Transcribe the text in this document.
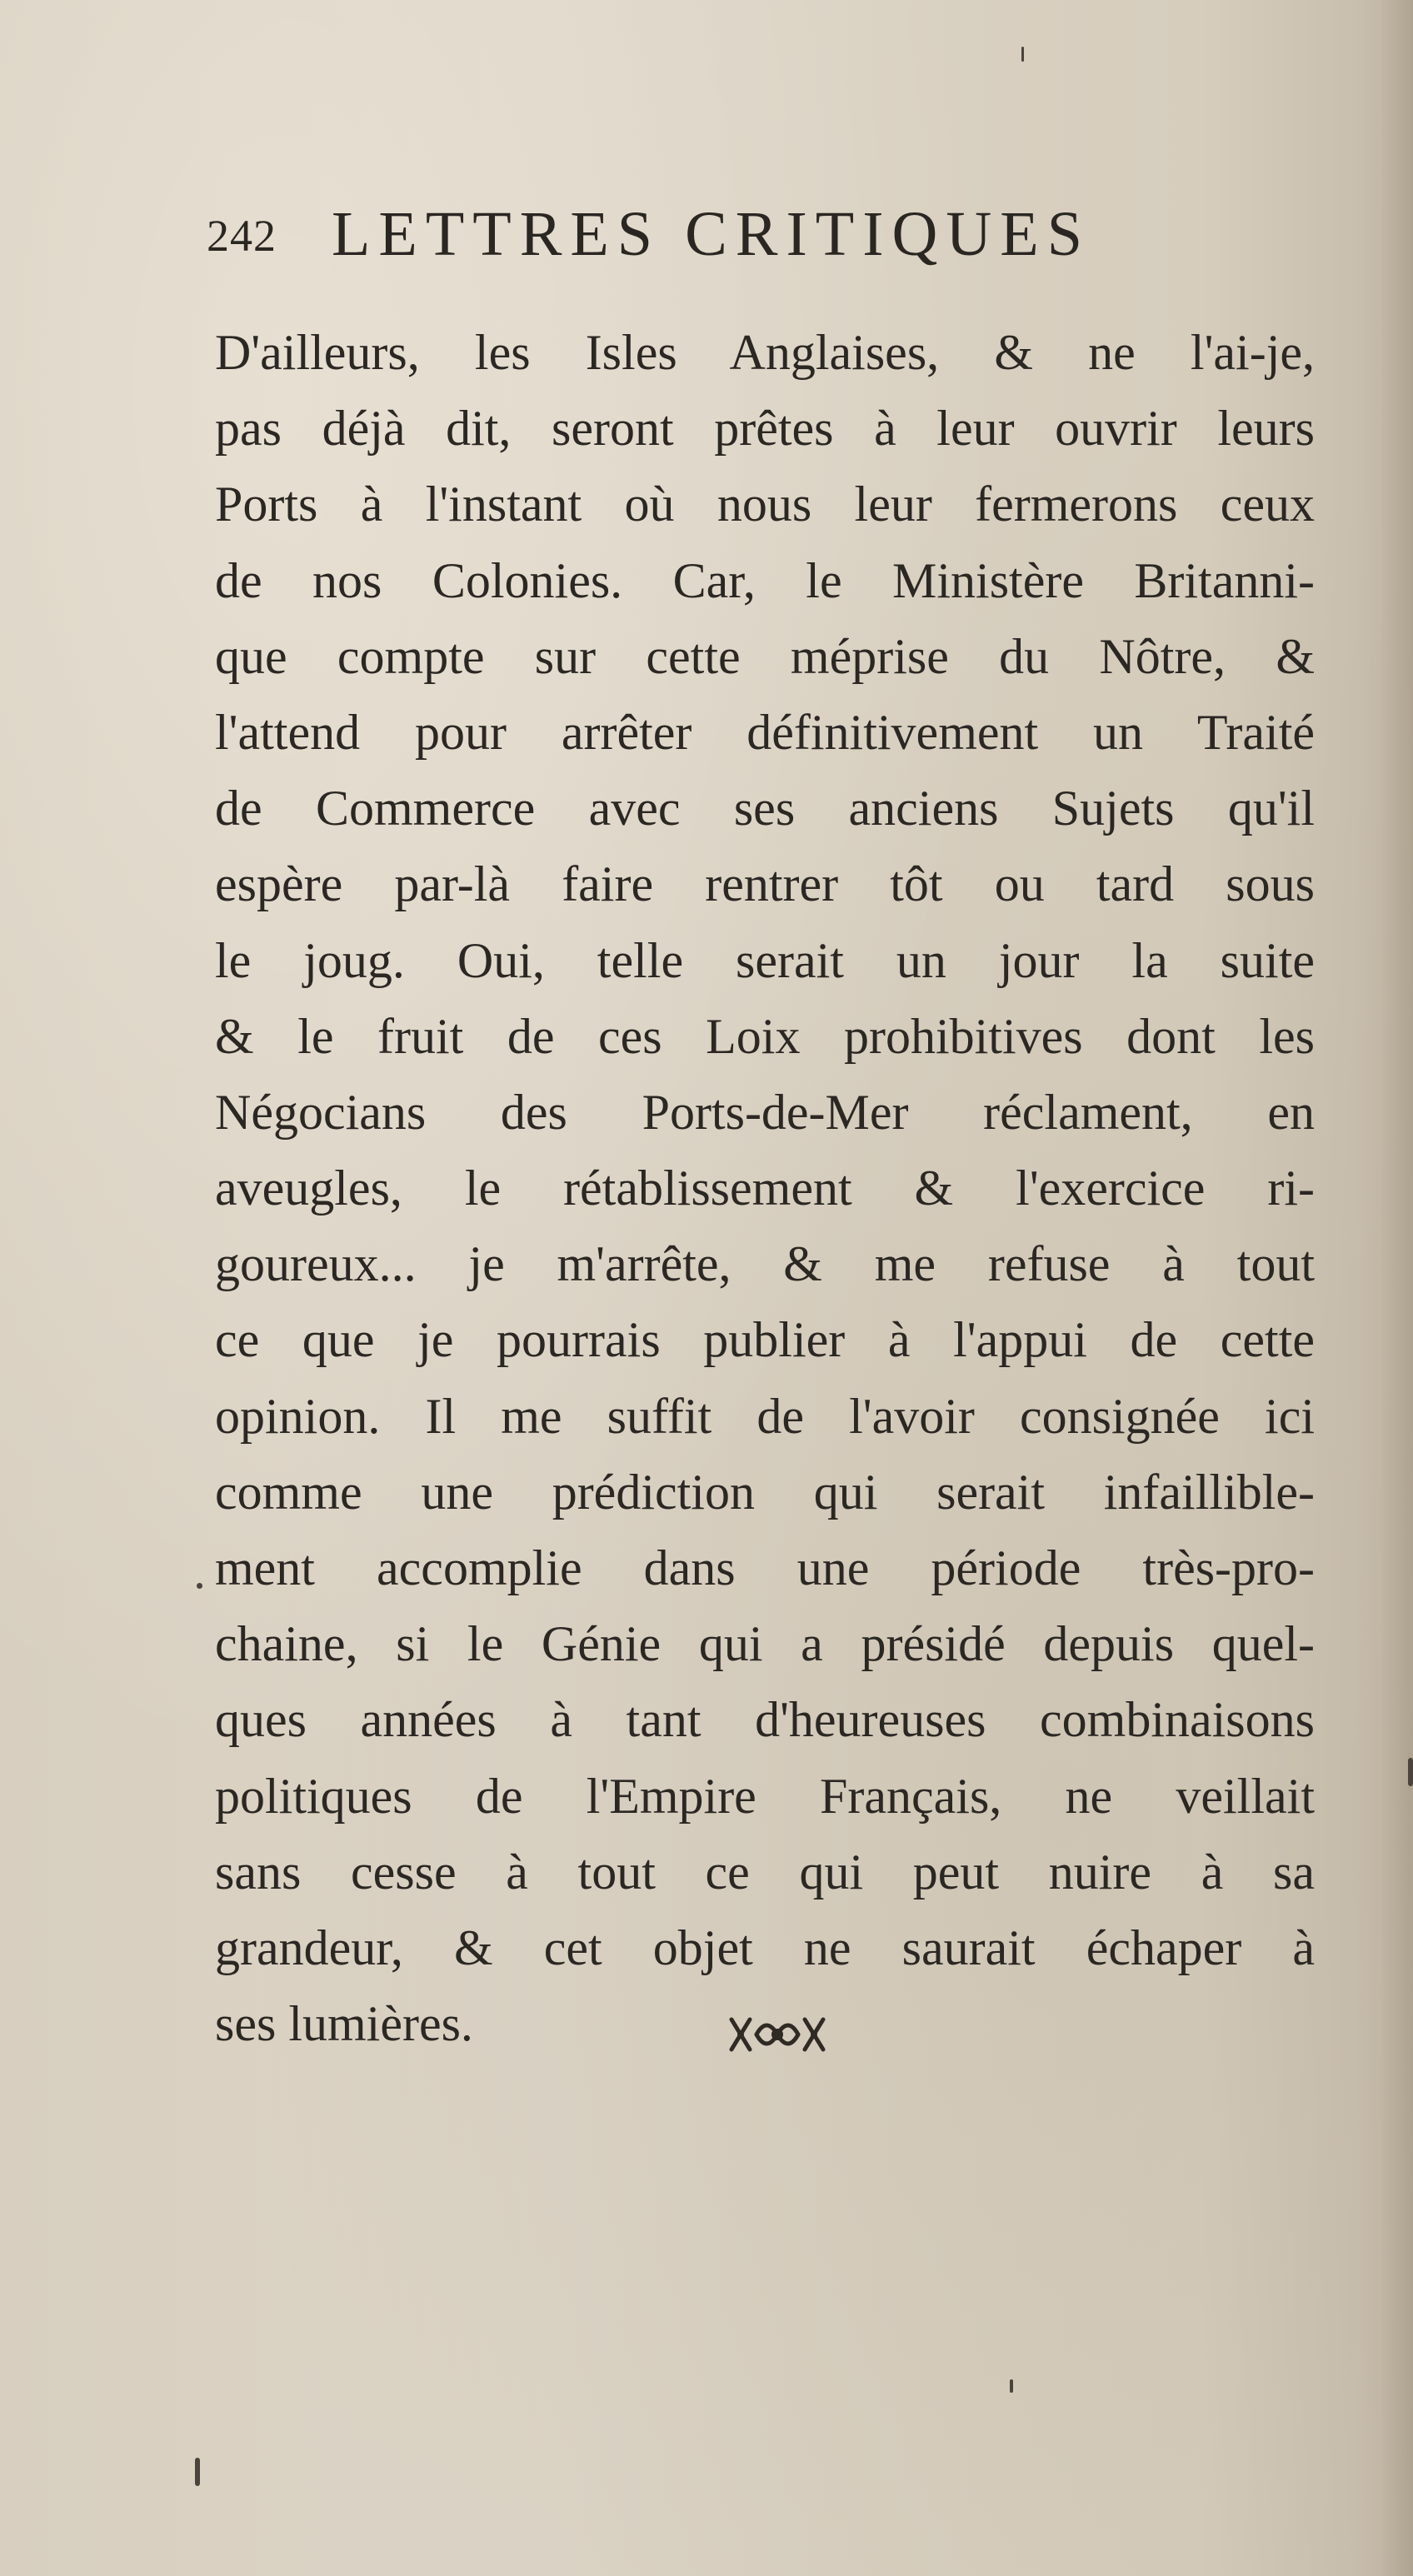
242 LETTRES CRITIQUES
D'ailleurs, les Isles Anglaises, & ne l'ai-je,
pas déjà dit, seront prêtes à leur ouvrir leurs
Ports à l'instant où nous leur fermerons ceux
de nos Colonies. Car, le Ministère Britanni-
que compte sur cette méprise du Nôtre, &
l'attend pour arrêter définitivement un Traité
de Commerce avec ses anciens Sujets qu'il
espère par-là faire rentrer tôt ou tard sous
le joug. Oui, telle serait un jour la suite
& le fruit de ces Loix prohibitives dont les
Négocians des Ports-de-Mer réclament, en
aveugles, le rétablissement & l'exercice ri-
goureux... je m'arrête, & me refuse à tout
ce que je pourrais publier à l'appui de cette
opinion. Il me suffit de l'avoir consignée ici
comme une prédiction qui serait infaillible-
ment accomplie dans une période très-pro-
chaine, si le Génie qui a présidé depuis quel-
ques années à tant d'heureuses combinaisons
politiques de l'Empire Français, ne veillait
sans cesse à tout ce qui peut nuire à sa
grandeur, & cet objet ne saurait échaper à
ses lumières.
